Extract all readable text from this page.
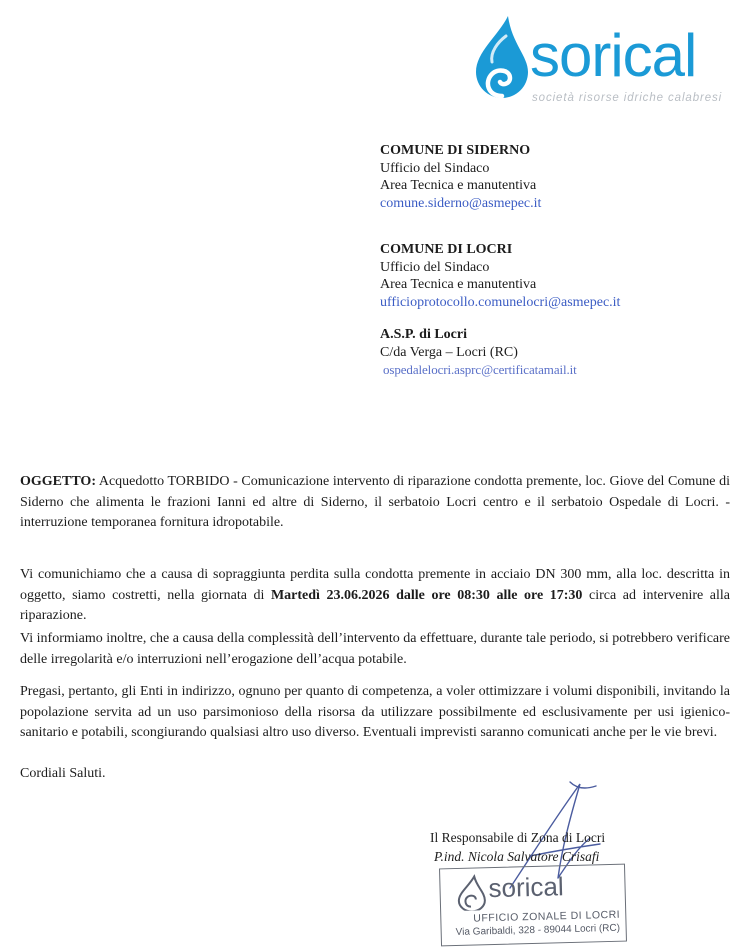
sorical
società risorse idriche calabresi
COMUNE DI SIDERNO
Ufficio del Sindaco
Area Tecnica e manutentiva
comune.siderno@asmepec.it
COMUNE DI LOCRI
Ufficio del Sindaco
Area Tecnica e manutentiva
ufficioprotocollo.comunelocri@asmepec.it
A.S.P. di Locri
C/da Verga – Locri (RC)
ospedalelocri.asprc@certificatamail.it

OGGETTO: Acquedotto TORBIDO - Comunicazione intervento di riparazione condotta premente, loc. Giove del Comune di Siderno che alimenta le frazioni Ianni ed altre di Siderno, il serbatoio Locri centro e il serbatoio Ospedale di Locri. - interruzione temporanea fornitura idropotabile.

Vi comunichiamo che a causa di sopraggiunta perdita sulla condotta premente in acciaio DN 300 mm, alla loc. descritta in oggetto, siamo costretti, nella giornata di Martedì 23.06.2026 dalle ore 08:30 alle ore 17:30 circa ad intervenire alla riparazione.

Vi informiamo inoltre, che a causa della complessità dell’intervento da effettuare, durante tale periodo, si potrebbero verificare delle irregolarità e/o interruzioni nell’erogazione dell’acqua potabile.

Pregasi, pertanto, gli Enti in indirizzo, ognuno per quanto di competenza, a voler ottimizzare i volumi disponibili, invitando la popolazione servita ad un uso parsimonioso della risorsa da utilizzare possibilmente ed esclusivamente per usi igienico-sanitario e potabili, scongiurando qualsiasi altro uso diverso. Eventuali imprevisti saranno comunicati anche per le vie brevi.

Cordiali Saluti.

Il Responsabile di Zona di Locri
P.ind. Nicola Salvatore Crisafi
sorical
UFFICIO ZONALE DI LOCRI
Via Garibaldi, 328 - 89044 Locri (RC)
